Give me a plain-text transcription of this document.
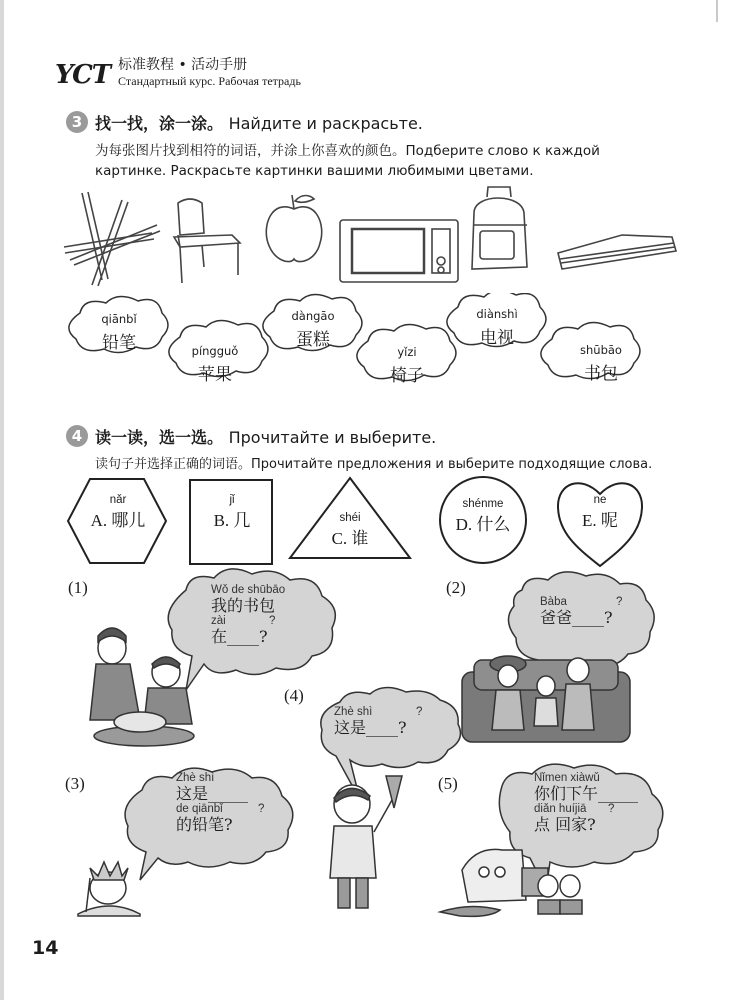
YCT 标准教程 • 活动手册
Стандартный курс. Рабочая тетрадь
3 找一找，涂一涂。 Найдите и раскрасьте.
为每张图片找到相符的词语，并涂上你喜欢的颜色。Подберите слово к каждой
картинке. Раскрасьте картинки вашими любимыми цветами.
qiānbǐ
铅笔	píngguǒ
苹果
dàngāo
蛋糕
yǐzi
椅子
diànshì
电视
shūbāo
书包
4 读一读，选一选。 Прочитайте и выберите.
读句子并选择正确的词语。Прочитайте предложения и выберите подходящие слова.
nǎr
A. 哪儿
jǐ
B. 几	shéi
C. 谁
shénme
D. 什么
ne
E. 呢
(1)	Wǒ de shūbāo
我的书包
zài	?
在____?
(2)
Bàba	?
爸爸____?
(4)
Zhè shì	?
这是____?
(3)	Zhè shì
这是_____
de qiānbǐ	?
的铅笔?
(5)	Nǐmen xiàwǔ
你们下午_____
diǎn huíjiā ?
点 回家?
14
